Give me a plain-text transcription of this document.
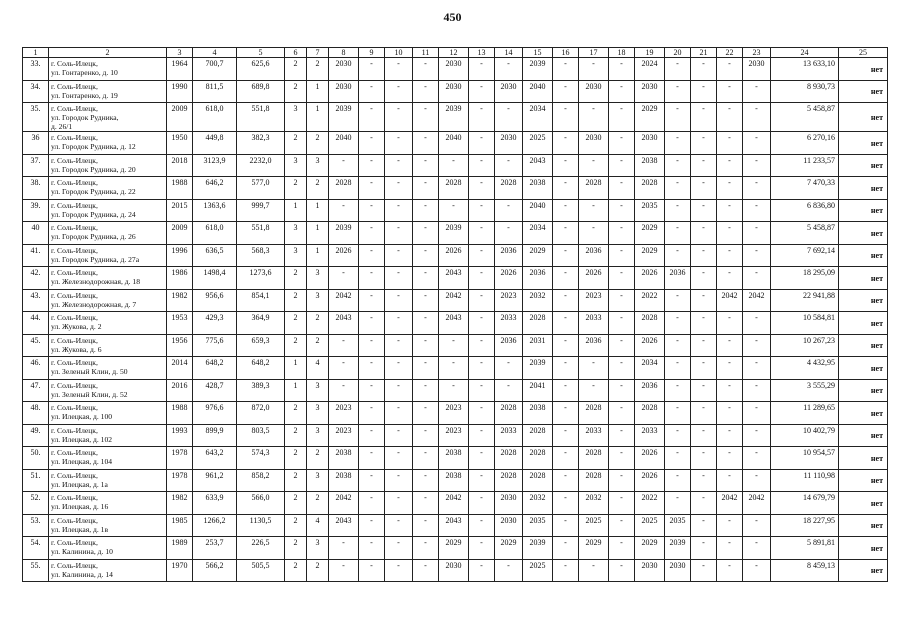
450
1	2	3	4	5	6	7	8	9	10	11	12	13	14	15	16	17	18	19	20	21	22	23	24	25
33.	г. Соль-Илецк,
ул. Гонтаренко, д. 10	1964	700,7	625,6	2	2	2030	-	-	-	2030	-	-	2039	-	-	-	2024	-	-	-	2030	13 633,10	нет
34.	г. Соль-Илецк,
ул. Гонтаренко, д. 19	1990	811,5	689,8	2	1	2030	-	-	-	2030	-	2030	2040	-	2030	-	2030	-	-	-	-	8 930,73	нет
35.	г. Соль-Илецк,
ул. Городок Рудника,
д. 26/1	2009	618,0	551,8	3	1	2039	-	-	-	2039	-	-	2034	-	-	-	2029	-	-	-	-	5 458,87	нет
36	г. Соль-Илецк,
ул. Городок Рудника, д. 12	1950	449,8	382,3	2	2	2040	-	-	-	2040	-	2030	2025	-	2030	-	2030	-	-	-	-	6 270,16	нет
37.	г. Соль-Илецк,
ул. Городок Рудника, д. 20	2018	3123,9	2232,0	3	3	-	-	-	-	-	-	-	2043	-	-	-	2038	-	-	-	-	11 233,57	нет
38.	г. Соль-Илецк,
ул. Городок Рудника, д. 22	1988	646,2	577,0	2	2	2028	-	-	-	2028	-	2028	2038	-	2028	-	2028	-	-	-	-	7 470,33	нет
39.	г. Соль-Илецк,
ул. Городок Рудника, д. 24	2015	1363,6	999,7	1	1	-	-	-	-	-	-	-	2040	-	-	-	2035	-	-	-	-	6 836,80	нет
40	г. Соль-Илецк,
ул. Городок Рудника, д. 26	2009	618,0	551,8	3	1	2039	-	-	-	2039	-	-	2034	-	-	-	2029	-	-	-	-	5 458,87	нет
41.	г. Соль-Илецк,
ул. Городок Рудника, д. 27а	1996	636,5	568,3	3	1	2026	-	-	-	2026	-	2036	2029	-	2036	-	2029	-	-	-	-	7 692,14	нет
42.	г. Соль-Илецк,
ул. Железнодорожная, д. 18	1986	1498,4	1273,6	2	3	-	-	-	-	2043	-	2026	2036	-	2026	-	2026	2036	-	-	-	18 295,09	нет
43.	г. Соль-Илецк,
ул. Железнодорожная, д. 7	1982	956,6	854,1	2	3	2042	-	-	-	2042	-	2023	2032	-	2023	-	2022	-	-	2042	2042	22 941,88	нет
44.	г. Соль-Илецк,
ул. Жукова, д. 2	1953	429,3	364,9	2	2	2043	-	-	-	2043	-	2033	2028	-	2033	-	2028	-	-	-	-	10 584,81	нет
45.	г. Соль-Илецк,
ул. Жукова, д. 6	1956	775,6	659,3	2	2	-	-	-	-	-	-	2036	2031	-	2036	-	2026	-	-	-	-	10 267,23	нет
46.	г. Соль-Илецк,
ул. Зеленый Клин, д. 50	2014	648,2	648,2	1	4	-	-	-	-	-	-	-	2039	-	-	-	2034	-	-	-	-	4 432,95	нет
47.	г. Соль-Илецк,
ул. Зеленый Клин, д. 52	2016	428,7	389,3	1	3	-	-	-	-	-	-	-	2041	-	-	-	2036	-	-	-	-	3 555,29	нет
48.	г. Соль-Илецк,
ул. Илецкая, д. 100	1988	976,6	872,0	2	3	2023	-	-	-	2023	-	2028	2038	-	2028	-	2028	-	-	-	-	11 289,65	нет
49.	г. Соль-Илецк,
ул. Илецкая, д. 102	1993	899,9	803,5	2	3	2023	-	-	-	2023	-	2033	2028	-	2033	-	2033	-	-	-	-	10 402,79	нет
50.	г. Соль-Илецк,
ул. Илецкая, д. 104	1978	643,2	574,3	2	2	2038	-	-	-	2038	-	2028	2028	-	2028	-	2026	-	-	-	-	10 954,57	нет
51.	г. Соль-Илецк,
ул. Илецкая, д. 1а	1978	961,2	858,2	2	3	2038	-	-	-	2038	-	2028	2028	-	2028	-	2026	-	-	-	-	11 110,98	нет
52.	г. Соль-Илецк,
ул. Илецкая, д. 16	1982	633,9	566,0	2	2	2042	-	-	-	2042	-	2030	2032	-	2032	-	2022	-	-	2042	2042	14 679,79	нет
53.	г. Соль-Илецк,
ул. Илецкая, д. 1в	1985	1266,2	1130,5	2	4	2043	-	-	-	2043	-	2030	2035	-	2025	-	2025	2035	-	-	-	18 227,95	нет
54.	г. Соль-Илецк,
ул. Калинина, д. 10	1989	253,7	226,5	2	3	-	-	-	-	2029	-	2029	2039	-	2029	-	2029	2039	-	-	-	5 891,81	нет
55.	г. Соль-Илецк,
ул. Калинина, д. 14	1970	566,2	505,5	2	2	-	-	-	-	2030	-	-	2025	-	-	-	2030	2030	-	-	-	8 459,13	нет
